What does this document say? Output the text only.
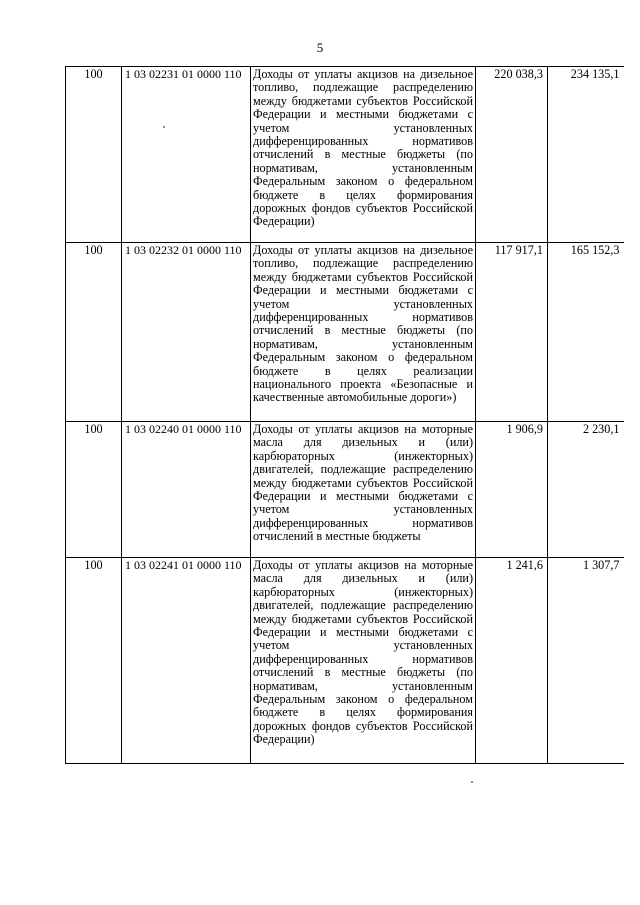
5
100	1 03 02231 01 0000 110	Доходы от уплаты акцизов на дизельное топливо, подлежащие распределению между бюджетами субъектов Российской Федерации и местными бюджетами с учетом установленных дифференцированных нормативов отчислений в местные бюджеты (по нормативам, установленным Федеральным законом о федеральном бюджете в целях формирования дорожных фондов субъектов Российской Федерации)	220 038,3	234 135,1
100	1 03 02232 01 0000 110	Доходы от уплаты акцизов на дизельное топливо, подлежащие распределению между бюджетами субъектов Российской Федерации и местными бюджетами с учетом установленных дифференцированных нормативов отчислений в местные бюджеты (по нормативам, установленным Федеральным законом о федеральном бюджете в целях реализации национального проекта «Безопасные и качественные автомобильные дороги»)	117 917,1	165 152,3
100	1 03 02240 01 0000 110	Доходы от уплаты акцизов на моторные масла для дизельных и (или) карбюраторных (инжекторных) двигателей, подлежащие распределению между бюджетами субъектов Российской Федерации и местными бюджетами с учетом установленных дифференцированных нормативов отчислений в местные бюджеты	1 906,9	2 230,1
100	1 03 02241 01 0000 110	Доходы от уплаты акцизов на моторные масла для дизельных и (или) карбюраторных (инжекторных) двигателей, подлежащие распределению между бюджетами субъектов Российской Федерации и местными бюджетами с учетом установленных дифференцированных нормативов отчислений в местные бюджеты (по нормативам, установленным Федеральным законом о федеральном бюджете в целях формирования дорожных фондов субъектов Российской Федерации)	1 241,6	1 307,7
